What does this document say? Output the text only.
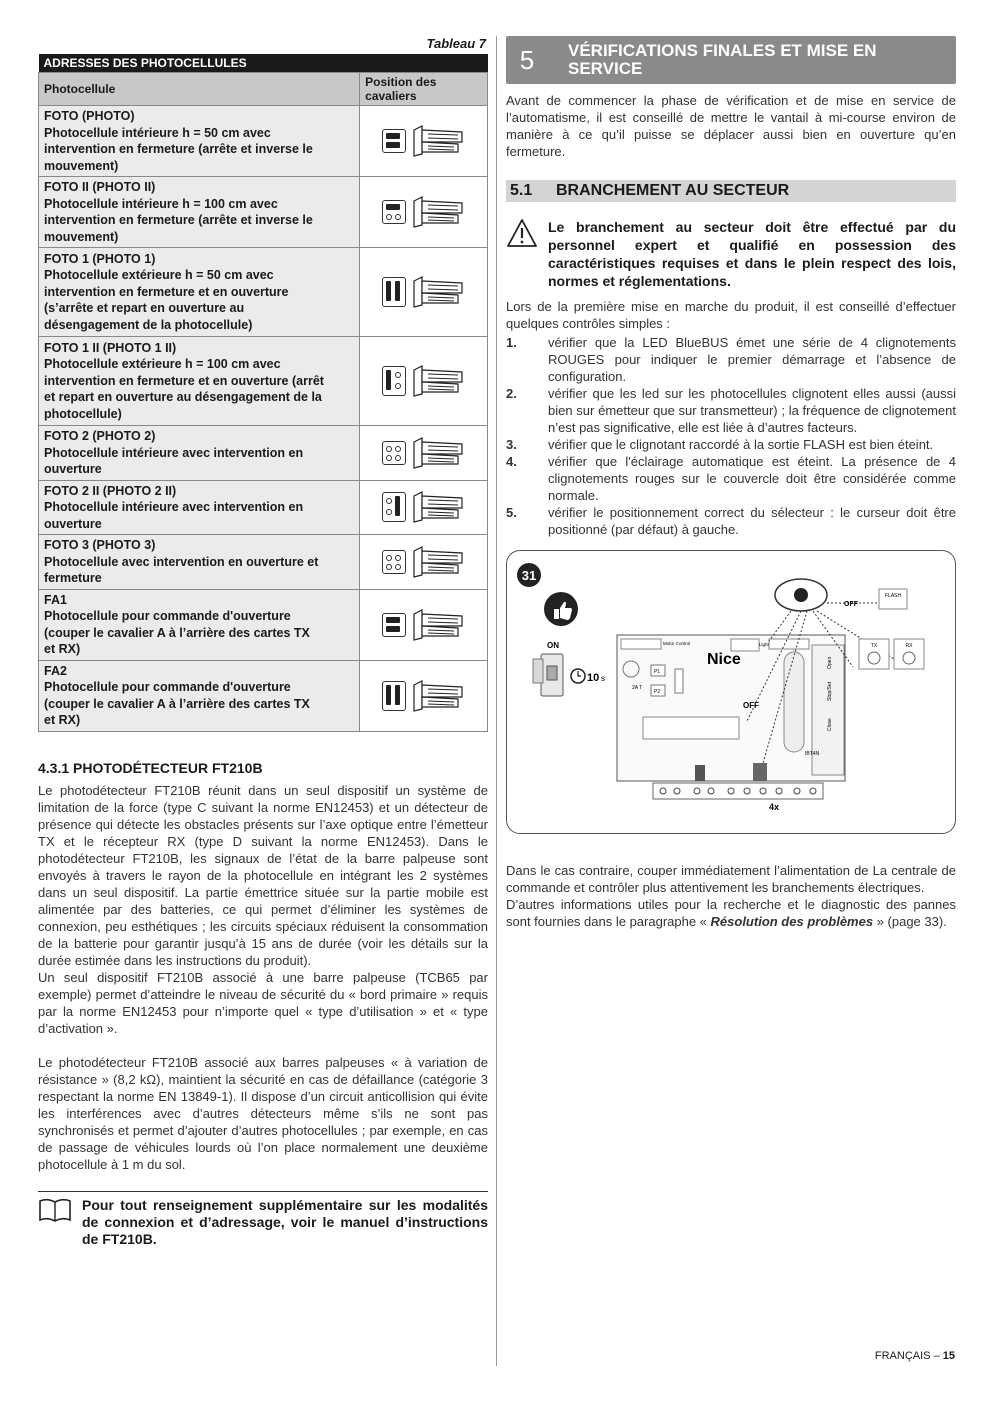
Tableau 7
ADRESSES DES PHOTOCELLULES	
Photocellule	Position des cavaliers

FOTO (PHOTO)
Photocellule intérieure h = 50 cm avec
intervention en fermeture (arrête et inverse le
mouvement)

FOTO II (PHOTO II)
Photocellule intérieure h = 100 cm avec
intervention en fermeture (arrête et inverse le
mouvement)

FOTO 1 (PHOTO 1)
Photocellule extérieure h = 50 cm avec
intervention en fermeture et en ouverture
(s’arrête et repart en ouverture au
désengagement de la photocellule)

FOTO 1 II (PHOTO 1 II)
Photocellule extérieure h = 100 cm avec
intervention en fermeture et en ouverture (arrêt
et repart en ouverture au désengagement de la
photocellule)

FOTO 2 (PHOTO 2)
Photocellule intérieure avec intervention en
ouverture

FOTO 2 II (PHOTO 2 II)
Photocellule intérieure avec intervention en
ouverture

FOTO 3 (PHOTO 3)
Photocellule avec intervention en ouverture et
fermeture

FA1
Photocellule pour commande d'ouverture
(couper le cavalier A à l’arrière des cartes TX
et RX)

FA2
Photocellule pour commande d'ouverture
(couper le cavalier A à l’arrière des cartes TX
et RX)

4.3.1 PHOTODÉTECTEUR FT210B

Le photodétecteur FT210B réunit dans un seul dispositif un système de limitation de la force (type C suivant la norme EN12453) et un détecteur de présence qui détecte les obstacles présents sur l’axe optique entre l’émetteur TX et le récepteur RX (type D suivant la norme EN12453). Dans le photodétecteur FT210B, les signaux de l’état de la barre palpeuse sont envoyés à travers le rayon de la photocellule en intégrant les 2 systèmes dans un seul dispositif. La partie émettrice située sur la partie mobile est alimentée par des batteries, ce qui permet d’éliminer les systèmes de connexion, peu esthétiques ; les circuits spéciaux réduisent la consommation de la batterie pour garantir jusqu’à 15 ans de durée (voir les détails sur la durée estimée dans les instructions du produit).

Un seul dispositif FT210B associé à une barre palpeuse (TCB65 par exemple) permet d’atteindre le niveau de sécurité du « bord primaire » requis par la norme EN12453 pour n’importe quel « type d’utilisation » et « type d’activation ».

Le photodétecteur FT210B associé aux barres palpeuses « à variation de résistance » (8,2 kΩ), maintient la sécurité en cas de défaillance (catégorie 3 respectant la norme EN 13849-1). Il dispose d’un circuit anticollision qui évite les interférences avec d’autres détecteurs même s’ils ne sont pas synchronisés et permet d’ajouter d’autres photocellules ; par exemple, en cas de passage de véhicules lourds où l’on place normalement une deuxième photocellule à 1 m du sol.

Pour tout renseignement supplémentaire sur les modalités de connexion et d’adressage, voir le manuel d’instructions de FT210B.
5	VÉRIFICATIONS FINALES ET MISE EN
SERVICE

Avant de commencer la phase de vérification et de mise en service de l’automatisme, il est conseillé de mettre le vantail à mi-course environ de manière à ce qu’il puisse se déplacer aussi bien en ouverture qu’en fermeture.

5.1	BRANCHEMENT AU SECTEUR
Le branchement au secteur doit être effectué par du personnel expert et qualifié en possession des caractéristiques requises et dans le plein respect des lois, normes et réglementations.

Lors de la première mise en marche du produit, il est conseillé d’effectuer quelques contrôles simples :

1.	vérifier que la LED BlueBUS émet une série de 4 clignotements ROUGES pour indiquer le premier démarrage et l’absence de configuration.
2.	vérifier que les led sur les photocellules clignotent elles aussi (aussi bien sur émetteur que sur transmetteur) ; la fréquence de clignotement n’est pas significative, elle est liée à d’autres facteurs.
3.	vérifier que le clignotant raccordé à la sortie FLASH est bien éteint.
4.	vérifier que l'éclairage automatique est éteint. La présence de 4 clignotements rouges sur le couvercle doit être considérée comme normale.
5.	vérifier le positionnement correct du sélecteur : le curseur doit être positionné (par défaut) à gauche.
31
ON
10 s
Motor Control	Light
2A T
P1
P2
Nice	Open
Stop/Set
Close
IBT4N
OFF
4x
OFF
FLASH
TX	RX

Dans le cas contraire, couper immédiatement l’alimentation de La centrale de commande et contrôler plus attentivement les branchements électriques.

D’autres informations utiles pour la recherche et le diagnostic des pannes sont fournies dans le paragraphe « Résolution des problèmes » (page 33).

FRANÇAIS – 15
